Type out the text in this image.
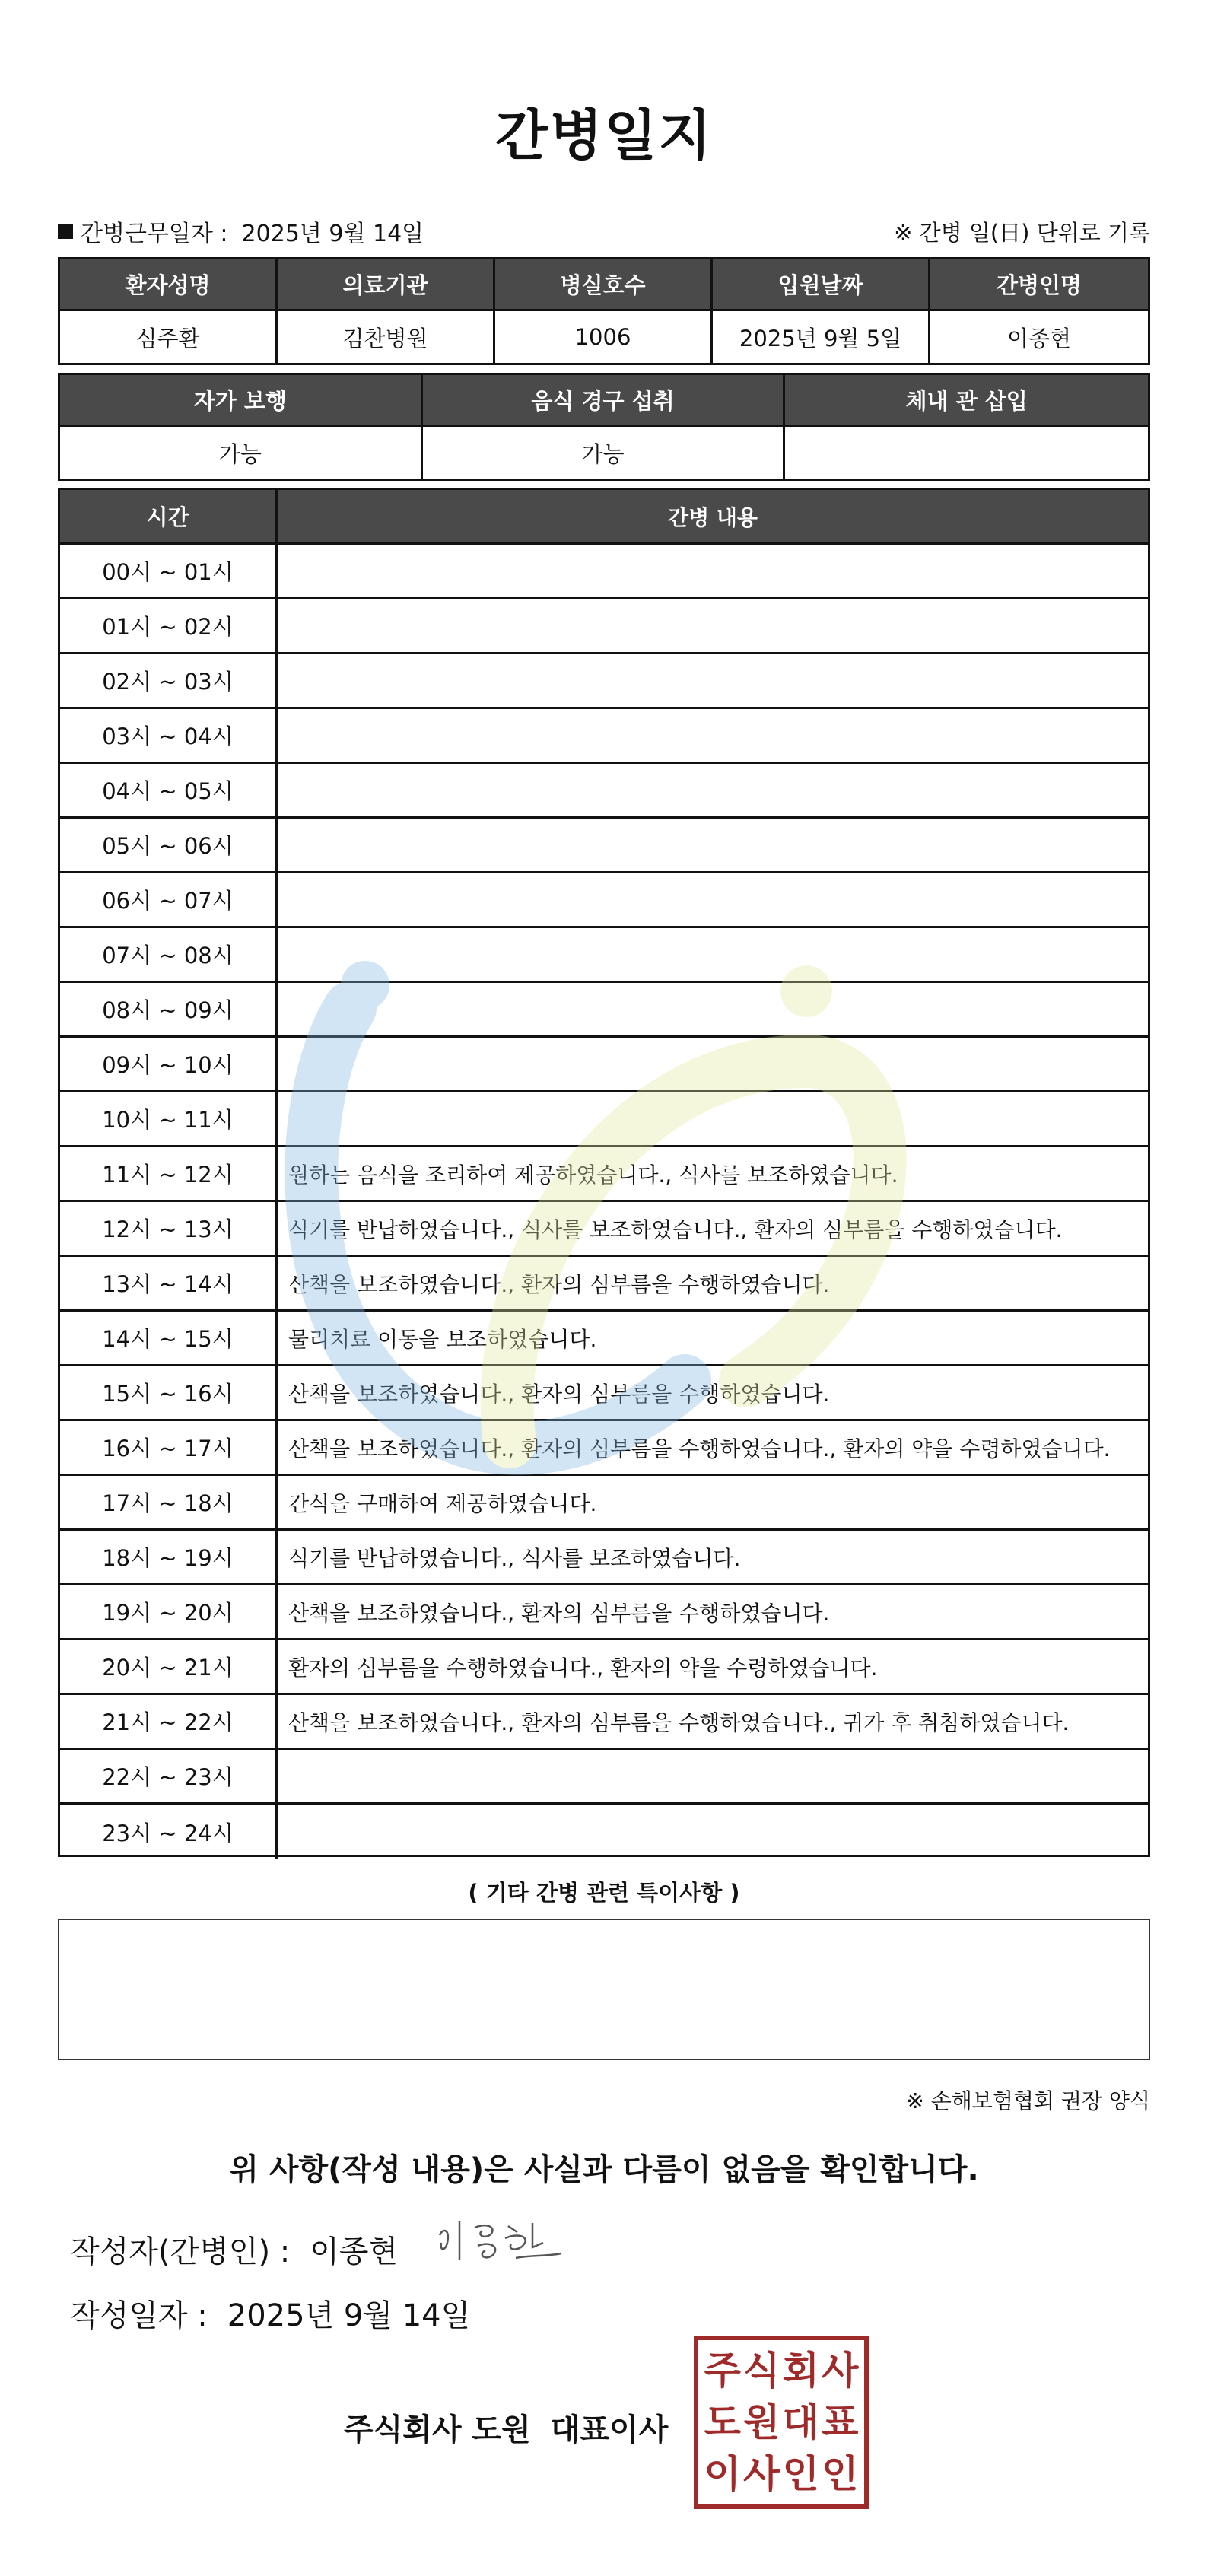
간병일지
간병근무일자 : 2025년 9월 14일	※ 간병 일(日) 단위로 기록
환자성명	의료기관	병실호수	입원날짜	간병인명
심주환	김찬병원	1006	2025년 9월 5일	이종현
자가 보행	음식 경구 섭취	체내 관 삽입
가능	가능
시간	간병 내용
00시 ~ 01시
01시 ~ 02시
02시 ~ 03시
03시 ~ 04시
04시 ~ 05시
05시 ~ 06시
06시 ~ 07시
07시 ~ 08시
08시 ~ 09시
09시 ~ 10시
10시 ~ 11시
11시 ~ 12시	원하는 음식을 조리하여 제공하였습니다., 식사를 보조하였습니다.
12시 ~ 13시	식기를 반납하였습니다., 식사를 보조하였습니다., 환자의 심부름을 수행하였습니다.
13시 ~ 14시	산책을 보조하였습니다., 환자의 심부름을 수행하였습니다.
14시 ~ 15시	물리치료 이동을 보조하였습니다.
15시 ~ 16시	산책을 보조하였습니다., 환자의 심부름을 수행하였습니다.
16시 ~ 17시	산책을 보조하였습니다., 환자의 심부름을 수행하였습니다., 환자의 약을 수령하였습니다.
17시 ~ 18시	간식을 구매하여 제공하였습니다.
18시 ~ 19시	식기를 반납하였습니다., 식사를 보조하였습니다.
19시 ~ 20시	산책을 보조하였습니다., 환자의 심부름을 수행하였습니다.
20시 ~ 21시	환자의 심부름을 수행하였습니다., 환자의 약을 수령하였습니다.
21시 ~ 22시	산책을 보조하였습니다., 환자의 심부름을 수행하였습니다., 귀가 후 취침하였습니다.
22시 ~ 23시
23시 ~ 24시
( 기타 간병 관련 특이사항 )
※ 손해보험협회 권장 양식
위 사항(작성 내용)은 사실과 다름이 없음을 확인합니다.
작성자(간병인) : 이종현
작성일자 : 2025년 9월 14일
주식회사 도원 대표이사
주 식 회 사
도 원 대 표
이 사 인 인
